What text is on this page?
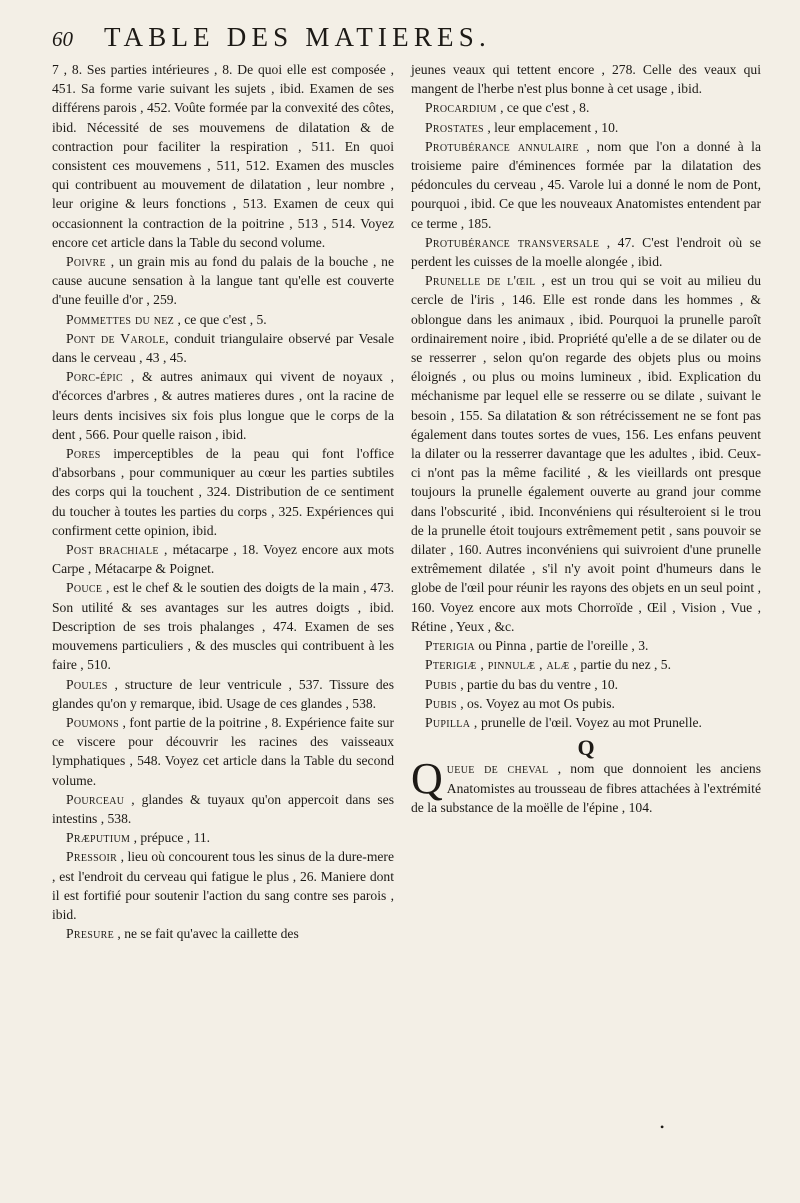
60	TABLE DES MATIERES.

7 , 8. Ses parties intérieures , 8. De quoi elle est composée , 451. Sa forme varie suivant les sujets , ibid. Examen de ses différens parois , 452. Voûte formée par la convexité des côtes, ibid. Nécessité de ses mouvemens de dilatation & de contraction pour faciliter la respiration , 511. En quoi consistent ces mouvemens , 511, 512. Examen des muscles qui contribuent au mouvement de dilatation , leur nombre , leur origine & leurs fonctions , 513. Examen de ceux qui occasionnent la contraction de la poitrine , 513 , 514. Voyez encore cet article dans la Table du second volume.

Poivre , un grain mis au fond du palais de la bouche , ne cause aucune sensation à la langue tant qu'elle est couverte d'une feuille d'or , 259.

Pommettes du nez , ce que c'est , 5.

Pont de Varole, conduit triangulaire observé par Vesale dans le cerveau , 43 , 45.

Porc-épic , & autres animaux qui vivent de noyaux , d'écorces d'arbres , & autres matieres dures , ont la racine de leurs dents incisives six fois plus longue que le corps de la dent , 566. Pour quelle raison , ibid.

Pores imperceptibles de la peau qui font l'office d'absorbans , pour communiquer au cœur les parties subtiles des corps qui la touchent , 324. Distribution de ce sentiment du toucher à toutes les parties du corps , 325. Expériences qui confirment cette opinion, ibid.

Post brachiale , métacarpe , 18. Voyez encore aux mots Carpe , Métacarpe & Poignet.

Pouce , est le chef & le soutien des doigts de la main , 473. Son utilité & ses avantages sur les autres doigts , ibid. Description de ses trois phalanges , 474. Examen de ses mouvemens particuliers , & des muscles qui contribuent à les faire , 510.

Poules , structure de leur ventricule , 537. Tissure des glandes qu'on y remarque, ibid. Usage de ces glandes , 538.

Poumons , font partie de la poitrine , 8. Expérience faite sur ce viscere pour découvrir les racines des vaisseaux lymphatiques , 548. Voyez cet article dans la Table du second volume.

Pourceau , glandes & tuyaux qu'on appercoit dans ses intestins , 538.

Præputium , prépuce , 11.

Pressoir , lieu où concourent tous les sinus de la dure-mere , est l'endroit du cerveau qui fatigue le plus , 26. Maniere dont il est fortifié pour soutenir l'action du sang contre ses parois , ibid.

Presure , ne se fait qu'avec la caillette des

jeunes veaux qui tettent encore , 278. Celle des veaux qui mangent de l'herbe n'est plus bonne à cet usage , ibid.

Procardium , ce que c'est , 8.

Prostates , leur emplacement , 10.

Protubérance annulaire , nom que l'on a donné à la troisieme paire d'éminences formée par la dilatation des pédoncules du cerveau , 45. Varole lui a donné le nom de Pont, pourquoi , ibid. Ce que les nouveaux Anatomistes entendent par ce terme , 185.

Protubérance transversale , 47. C'est l'endroit où se perdent les cuisses de la moelle alongée , ibid.

Prunelle de l'œil , est un trou qui se voit au milieu du cercle de l'iris , 146. Elle est ronde dans les hommes , & oblongue dans les animaux , ibid. Pourquoi la prunelle paroît ordinairement noire , ibid. Propriété qu'elle a de se dilater ou de se resserrer , selon qu'on regarde des objets plus ou moins éloignés , ou plus ou moins lumineux , ibid. Explication du méchanisme par lequel elle se resserre ou se dilate , suivant le besoin , 155. Sa dilatation & son rétrécissement ne se font pas également dans toutes sortes de vues, 156. Les enfans peuvent la dilater ou la resserrer davantage que les adultes , ibid. Ceux-ci n'ont pas la même facilité , & les vieillards ont presque toujours la prunelle également ouverte au grand jour comme dans l'obscurité , ibid. Inconvéniens qui résulteroient si le trou de la prunelle étoit toujours extrêmement petit , sans pouvoir se dilater , 160. Autres inconvéniens qui suivroient d'une prunelle extrêmement dilatée , s'il n'y avoit point d'humeurs dans le globe de l'œil pour réunir les rayons des objets en un seul point , 160. Voyez encore aux mots Chorroïde , Œil , Vision , Vue , Rétine , Yeux , &c.

Pterigia ou Pinna , partie de l'oreille , 3.

Pterigiæ , pinnulæ , alæ , partie du nez , 5.

Pubis , partie du bas du ventre , 10.

Pubis , os. Voyez au mot Os pubis.

Pupilla , prunelle de l'œil. Voyez au mot Prunelle.

Q

Queue de cheval , nom que donnoient les anciens Anatomistes au trousseau de fibres attachées à l'extrémité de la substance de la moëlle de l'épine , 104.

•
